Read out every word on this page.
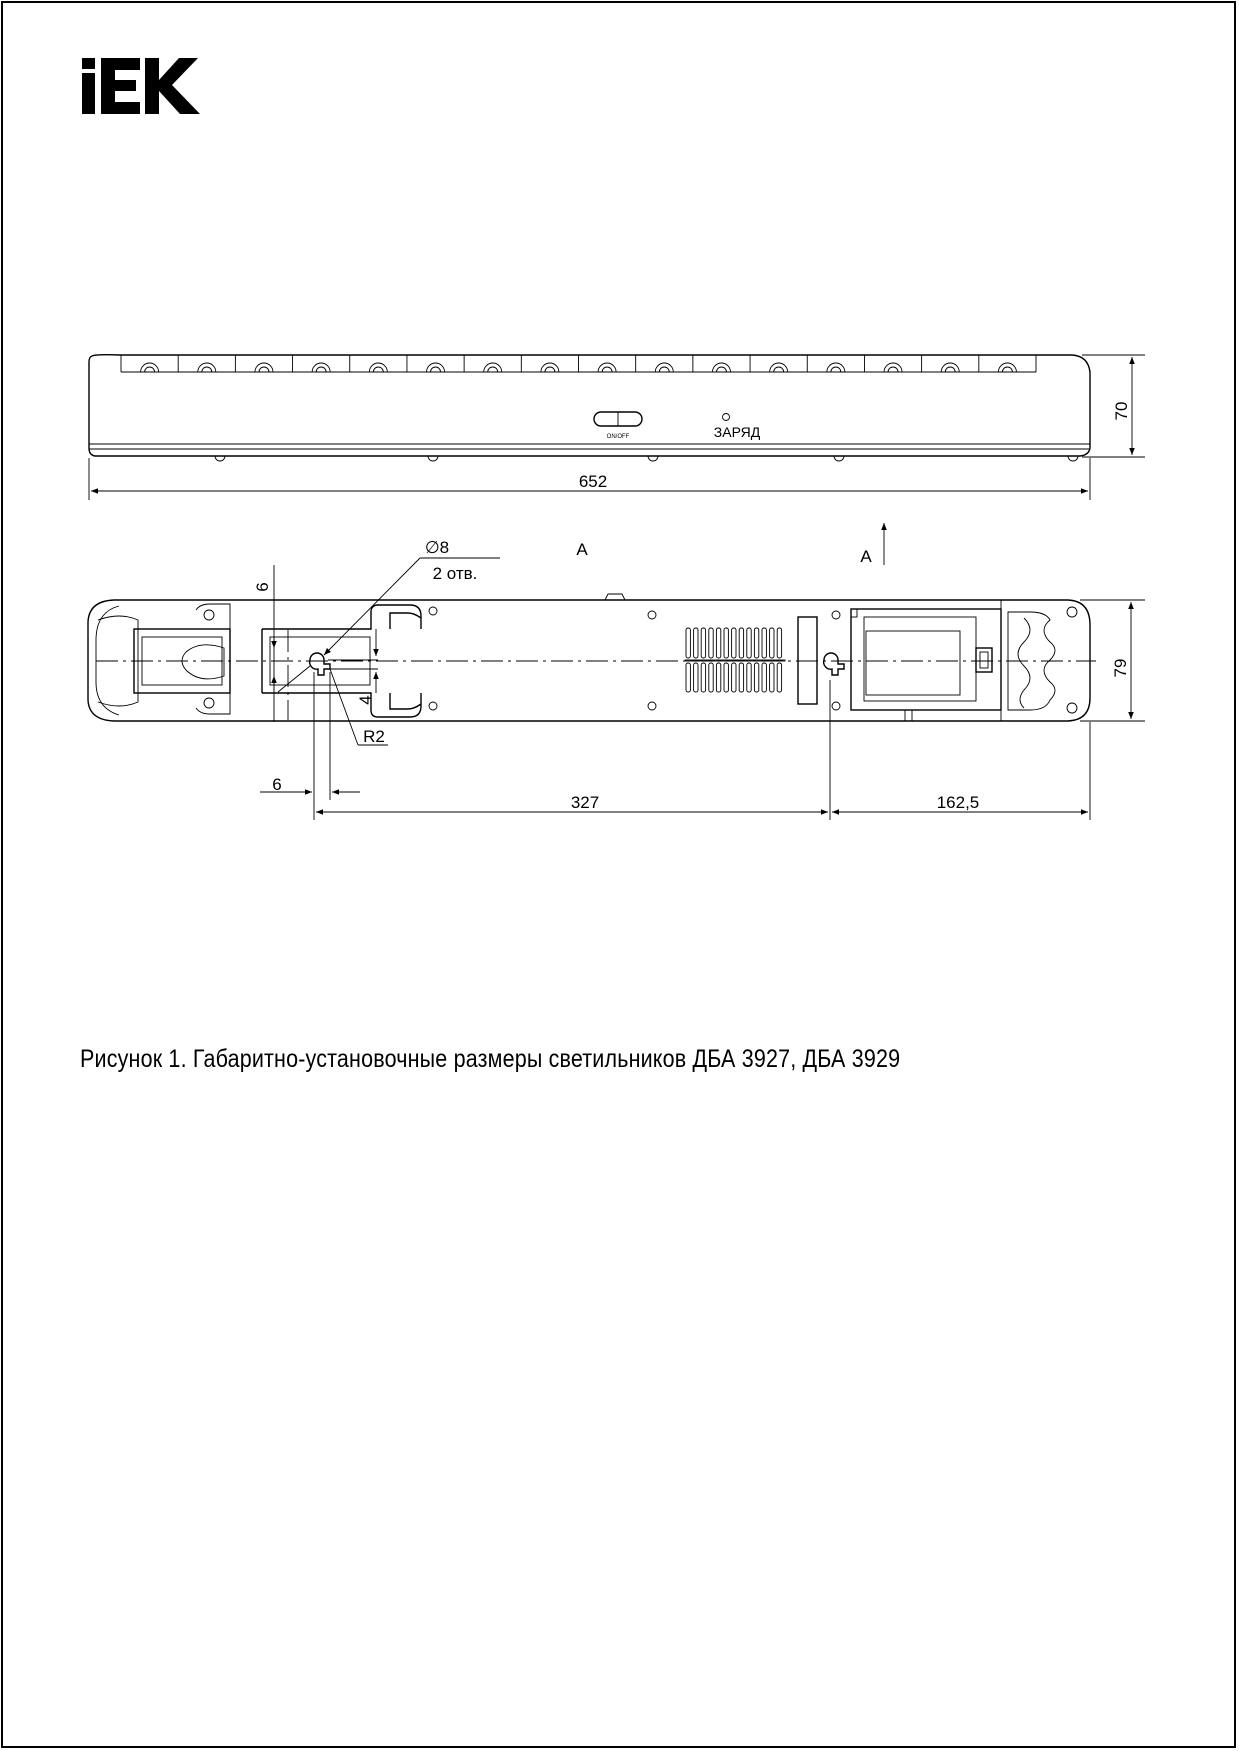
ON/OFF	ЗАРЯД
652
70
A	A
6
4
∅8
2 отв.
R2
79
6
327	162,5
Рисунок 1. Габаритно-установочные размеры светильников ДБА 3927, ДБА 3929
